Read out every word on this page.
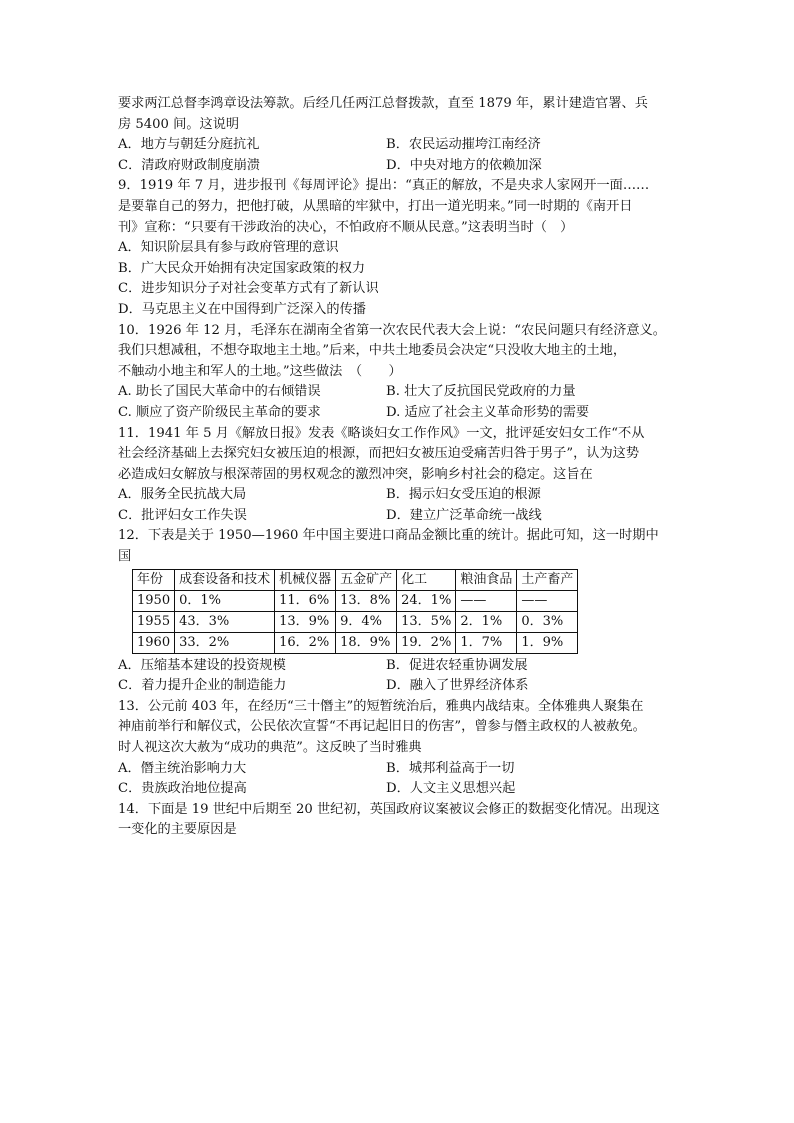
要求两江总督李鸿章设法筹款。后经几任两江总督拨款，直至 1879 年，累计建造官署、兵
房 5400 间。这说明
A．地方与朝廷分庭抗礼	B．农民运动摧垮江南经济
C．清政府财政制度崩溃	D．中央对地方的依赖加深
9．1919 年 7 月，进步报刊《每周评论》提出：“真正的解放，不是央求人家网开一面……
是要靠自己的努力，把他打破，从黑暗的牢狱中，打出一道光明来。”同一时期的《南开日
刊》宣称：“只要有干涉政治的决心，不怕政府不顺从民意。”这表明当时（　）
A．知识阶层具有参与政府管理的意识
B．广大民众开始拥有决定国家政策的权力
C．进步知识分子对社会变革方式有了新认识
D．马克思主义在中国得到广泛深入的传播
10．1926 年 12 月，毛泽东在湖南全省第一次农民代表大会上说：“农民问题只有经济意义。
我们只想减租，不想夺取地主土地。”后来，中共土地委员会决定“只没收大地主的土地，
不触动小地主和军人的土地。”这些做法　（　　）
A. 助长了国民大革命中的右倾错误	B. 壮大了反抗国民党政府的力量
C. 顺应了资产阶级民主革命的要求	D. 适应了社会主义革命形势的需要
11．1941 年 5 月《解放日报》发表《略谈妇女工作作风》一文，批评延安妇女工作“不从
社会经济基础上去探究妇女被压迫的根源，而把妇女被压迫受痛苦归咎于男子”，认为这势
必造成妇女解放与根深蒂固的男权观念的激烈冲突，影响乡村社会的稳定。这旨在
A．服务全民抗战大局	B．揭示妇女受压迫的根源
C．批评妇女工作失误	D．建立广泛革命统一战线
12．下表是关于 1950—1960 年中国主要进口商品金额比重的统计。据此可知，这一时期中
国
年份	成套设备和技术	机械仪器	五金矿产	化工	粮油食品	土产畜产
1950	0．1%	11．6%	13．8%	24．1%	——	——
1955	43．3%	13．9%	9．4%	13．5%	2．1%	0．3%
1960	33．2%	16．2%	18．9%	19．2%	1．7%	1．9%
A．压缩基本建设的投资规模	B．促进农轻重协调发展
C．着力提升企业的制造能力	D．融入了世界经济体系
13．公元前 403 年，在经历“三十僭主”的短暂统治后，雅典内战结束。全体雅典人聚集在
神庙前举行和解仪式，公民依次宣誓“不再记起旧日的伤害”，曾参与僭主政权的人被赦免。
时人视这次大赦为“成功的典范”。这反映了当时雅典
A．僭主统治影响力大	B．城邦利益高于一切
C．贵族政治地位提高	D．人文主义思想兴起
14．下面是 19 世纪中后期至 20 世纪初，英国政府议案被议会修正的数据变化情况。出现这
一变化的主要原因是
